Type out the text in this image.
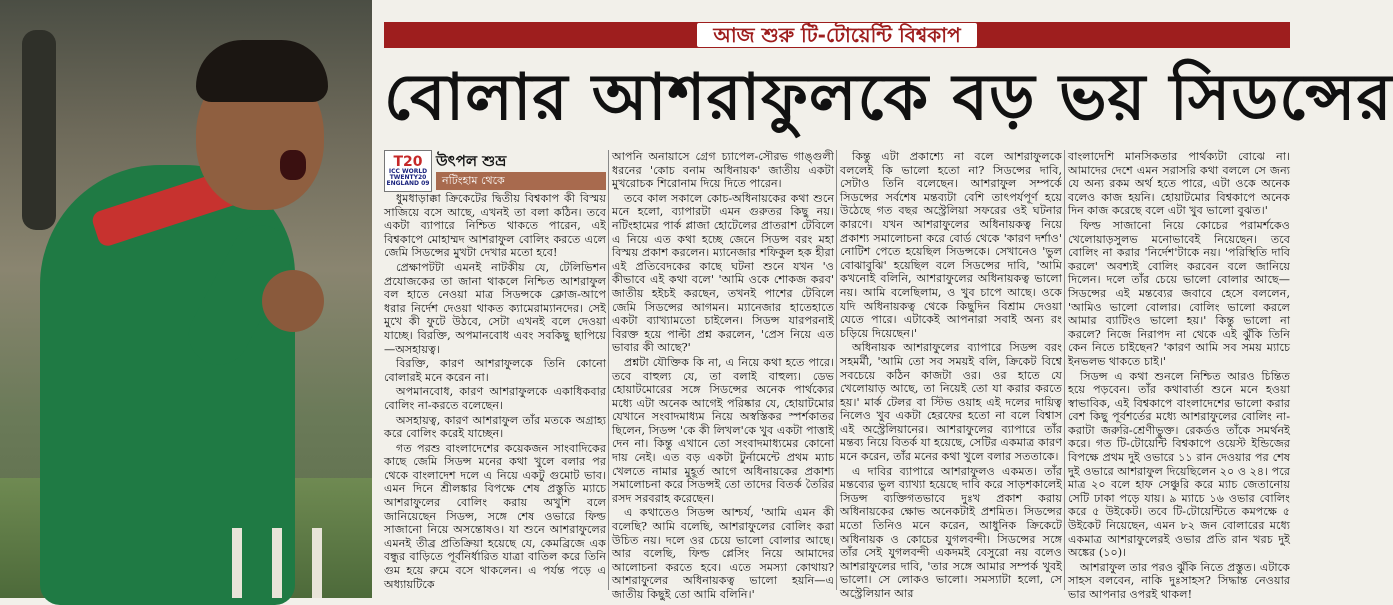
আজ শুরু টি-টোয়েন্টি বিশ্বকাপ
বোলার আশরাফুলকে বড় ভয় সিডন্সের
T20
ICC WORLD TWENTY20 ENGLAND 09
উৎপল শুভ্র
নটিংহাম থেকে

ধুমধাড়াক্কা ক্রিকেটের দ্বিতীয় বিশ্বকাপ কী বিস্ময় সাজিয়ে বসে আছে, এখনই তা বলা কঠিন। তবে একটা ব্যাপারে নিশ্চিত থাকতে পারেন, এই বিশ্বকাপে মোহাম্মদ আশরাফুল বোলিং করতে এলে জেমি সিডন্সের মুখটা দেখার মতো হবে!

প্রেক্ষাপটটা এমনই নাটকীয় যে, টেলিভিশন প্রযোজকের তা জানা থাকলে নিশ্চিত আশরাফুল বল হাতে নেওয়া মাত্র সিডন্সকে ক্লোজ-আপে ধরার নির্দেশ দেওয়া থাকত ক্যামেরাম্যানদের। সেই মুখে কী ফুটে উঠবে, সেটা এখনই বলে দেওয়া যাচ্ছে। বিরক্তি, অপমানবোধ এবং সবকিছু ছাপিয়ে—অসহায়ত্ব।

বিরক্তি, কারণ আশরাফুলকে তিনি কোনো বোলারই মনে করেন না।

অপমানবোধ, কারণ আশরাফুলকে একাধিকবার বোলিং না-করতে বলেছেন।

অসহায়ত্ব, কারণ আশরাফুল তাঁর মতকে অগ্রাহ্য করে বোলিং করেই যাচ্ছেন।

গত পরশু বাংলাদেশের কয়েকজন সাংবাদিকের কাছে জেমি সিডন্স মনের কথা খুলে বলার পর থেকে বাংলাদেশ দলে এ নিয়ে একটু গুমোট ভাব। এমন দিনে শ্রীলঙ্কার বিপক্ষে শেষ প্রস্তুতি ম্যাচে আশরাফুলের বোলিং করায় অখুশি বলে জানিয়েছেন সিডন্স, সঙ্গে শেষ ওভারে ফিল্ড সাজানো নিয়ে অসন্তোষও। যা শুনে আশরাফুলের এমনই তীব্র প্রতিক্রিয়া হয়েছে যে, কেমব্রিজে এক বন্ধুর বাড়িতে পূর্বনির্ধারিত যাত্রা বাতিল করে তিনি গুম হয়ে রুমে বসে থাকলেন। এ পর্যন্ত পড়ে এ অধ্যায়টিকে

আপনি অনায়াসে গ্রেগ চ্যাপেল-সৌরভ গাঙ্গুলী ধরনের 'কোচ বনাম অধিনায়ক' জাতীয় একটা মুখরোচক শিরোনাম দিয়ে দিতে পারেন।

তবে কাল সকালে কোচ-অধিনায়কের কথা শুনে মনে হলো, ব্যাপারটা এমন গুরুতর কিছু নয়। নটিংহামের পার্ক প্লাজা হোটেলের প্রাতরাশ টেবিলে এ নিয়ে এত কথা হচ্ছে জেনে সিডন্স বরং মহা বিস্ময় প্রকাশ করলেন। ম্যানেজার শফিকুল হক হীরা এই প্রতিবেদকের কাছে ঘটনা শুনে যখন 'ও কীভাবে এই কথা বলে' 'আমি ওকে শোকজ করব' জাতীয় হইচই করছেন, তখনই পাশের টেবিলে জেমি সিডন্সের আগমন। ম্যানেজার হাতেহাতে একটা ব্যাখ্যামতো চাইলেন। সিডন্স যারপরনাই বিরক্ত হয়ে পাল্টা প্রশ্ন করলেন, 'প্রেস নিয়ে এত ভাবার কী আছে?'

প্রশ্নটা যৌক্তিক কি না, এ নিয়ে কথা হতে পারে। তবে বাহুল্য যে, তা বলাই বাহুল্য। ডেভ হোয়াটমোরের সঙ্গে সিডন্সের অনেক পার্থক্যের মধ্যে এটা অনেক আগেই পরিষ্কার যে, হোয়াটমোর যেখানে সংবাদমাধ্যম নিয়ে অস্বস্তিকর স্পর্শকাতর ছিলেন, সিডন্স 'কে কী লিখল'কে খুব একটা পাত্তাই দেন না। কিন্তু এখানে তো সংবাদমাধ্যমের কোনো দায় নেই। এত বড় একটা টুর্নামেন্টে প্রথম ম্যাচ খেলতে নামার মুহূর্ত আগে অধিনায়কের প্রকাশ্য সমালোচনা করে সিডন্সই তো তাদের বিতর্ক তৈরির রসদ সরবরাহ করেছেন।

এ কথাতেও সিডন্স আশ্চর্য, 'আমি এমন কী বলেছি? আমি বলেছি, আশরাফুলের বোলিং করা উচিত নয়। দলে ওর চেয়ে ভালো বোলার আছে। আর বলেছি, ফিল্ড প্লেসিং নিয়ে আমাদের আলোচনা করতে হবে। এতে সমস্যা কোথায়? আশরাফুলের অধিনায়কত্ব ভালো হয়নি—এ জাতীয় কিছুই তো আমি বলিনি।'

কিন্তু এটা প্রকাশ্যে না বলে আশরাফুলকে বললেই কি ভালো হতো না? সিডন্সের দাবি, সেটাও তিনি বলেছেন। আশরাফুল সম্পর্কে সিডন্সের সর্বশেষ মন্তব্যটা বেশি তাৎপর্যপূর্ণ হয়ে উঠেছে গত বছর অস্ট্রেলিয়া সফরের ওই ঘটনার কারণে। যখন আশরাফুলের অধিনায়কত্ব নিয়ে প্রকাশ্য সমালোচনা করে বোর্ড থেকে 'কারণ দর্শাও' নোটিশ পেতে হয়েছিল সিডন্সকে। সেখানেও 'ভুল বোঝাবুঝি' হয়েছিল বলে সিডন্সের দাবি, 'আমি কখনোই বলিনি, আশরাফুলের অধিনায়কত্ব ভালো নয়। আমি বলেছিলাম, ও খুব চাপে আছে। ওকে যদি অধিনায়কত্ব থেকে কিছুদিন বিশ্রাম দেওয়া যেতে পারে। এটাকেই আপনারা সবাই অন্য রং চড়িয়ে দিয়েছেন।'

অধিনায়ক আশরাফুলের ব্যাপারে সিডন্স বরং সহমর্মী, 'আমি তো সব সময়ই বলি, ক্রিকেট বিশ্বে সবচেয়ে কঠিন কাজটা ওর। ওর হাতে যে খেলোয়াড় আছে, তা নিয়েই তো যা করার করতে হয়।' মার্ক টেলর বা স্টিভ ওয়াহ এই দলের দায়িত্ব নিলেও খুব একটা হেরফের হতো না বলে বিশ্বাস এই অস্ট্রেলিয়ানের। আশরাফুলের ব্যাপারে তাঁর মন্তব্য নিয়ে বিতর্ক যা হয়েছে, সেটির একমাত্র কারণ মনে করেন, তাঁর মনের কথা খুলে বলার সততাকে।

এ দাবির ব্যাপারে আশরাফুলও একমত। তাঁর মন্তব্যের ভুল ব্যাখ্যা হয়েছে দাবি করে সাড়শকালেই সিডন্স ব্যক্তিগতভাবে দুঃখ প্রকাশ করায় অধিনায়কের ক্ষোভ অনেকটাই প্রশমিত। সিডন্সের মতো তিনিও মনে করেন, আধুনিক ক্রিকেটে অধিনায়ক ও কোচের যুগলবন্দী। সিডন্সের সঙ্গে তাঁর সেই যুগলবন্দী একদমই বেসুরো নয় বলেও আশরাফুলের দাবি, 'তার সঙ্গে আমার সম্পর্ক খুবই ভালো। সে লোকও ভালো। সমস্যাটা হলো, সে অস্ট্রেলিয়ান আর

বাংলাদেশি মানসিকতার পার্থক্যটা বোঝে না। আমাদের দেশে এমন সরাসরি কথা বললে সে জন্য যে অন্য রকম অর্থ হতে পারে, এটা ওকে অনেক বলেও কাজ হয়নি। হোয়াটমোর বিশ্বকাপে অনেক দিন কাজ করেছে বলে এটা খুব ভালো বুঝত।'

ফিল্ড সাজানো নিয়ে কোচের পরামর্শকেও খেলোয়াড়সুলভ মনোভাবেই নিয়েছেন। তবে বোলিং না করার 'নির্দেশ'টাকে নয়। 'পরিস্থিতি দাবি করলে' অবশ্যই বোলিং করবেন বলে জানিয়ে দিলেন। দলে তাঁর চেয়ে ভালো বোলার আছে—সিডন্সের এই মন্তব্যের জবাবে হেসে বললেন, 'আমিও ভালো বোলার। বোলিং ভালো করলে আমার ব্যাটিংও ভালো হয়।' কিন্তু ভালো না করলে? নিজে নিরাপদ না থেকে এই ঝুঁকি তিনি কেন নিতে চাইছেন? 'কারণ আমি সব সময় ম্যাচে ইনভলভ থাকতে চাই।'

সিডন্স এ কথা শুনলে নিশ্চিত আরও চিন্তিত হয়ে পড়বেন। তাঁর কথাবার্তা শুনে মনে হওয়া স্বাভাবিক, এই বিশ্বকাপে বাংলাদেশের ভালো করার বেশ কিছু পূর্বশর্তের মধ্যে আশরাফুলের বোলিং না-করাটা জরুরি-শ্রেণীভুক্ত। রেকর্ডও তাঁকে সমর্থনই করে। গত টি-টোয়েন্টি বিশ্বকাপে ওয়েস্ট ইন্ডিজের বিপক্ষে প্রথম দুই ওভারে ১১ রান দেওয়ার পর শেষ দুই ওভারে আশরাফুল দিয়েছিলেন ২০ ও ২৪। পরে মাত্র ২০ বলে হাফ সেঞ্চুরি করে ম্যাচ জেতানোয় সেটি ঢাকা পড়ে যায়। ৯ ম্যাচে ১৬ ওভার বোলিং করে ৫ উইকেট। তবে টি-টোয়েন্টিতে কমপক্ষে ৫ উইকেট নিয়েছেন, এমন ৮২ জন বোলারের মধ্যে একমাত্র আশরাফুলেরই ওভার প্রতি রান খরচ দুই অঙ্কের (১০)।

আশরাফুল তার পরও ঝুঁকি নিতে প্রস্তুত। এটাকে সাহস বলবেন, নাকি দুঃসাহস? সিদ্ধান্ত নেওয়ার ভার আপনার ওপরই থাকল!
